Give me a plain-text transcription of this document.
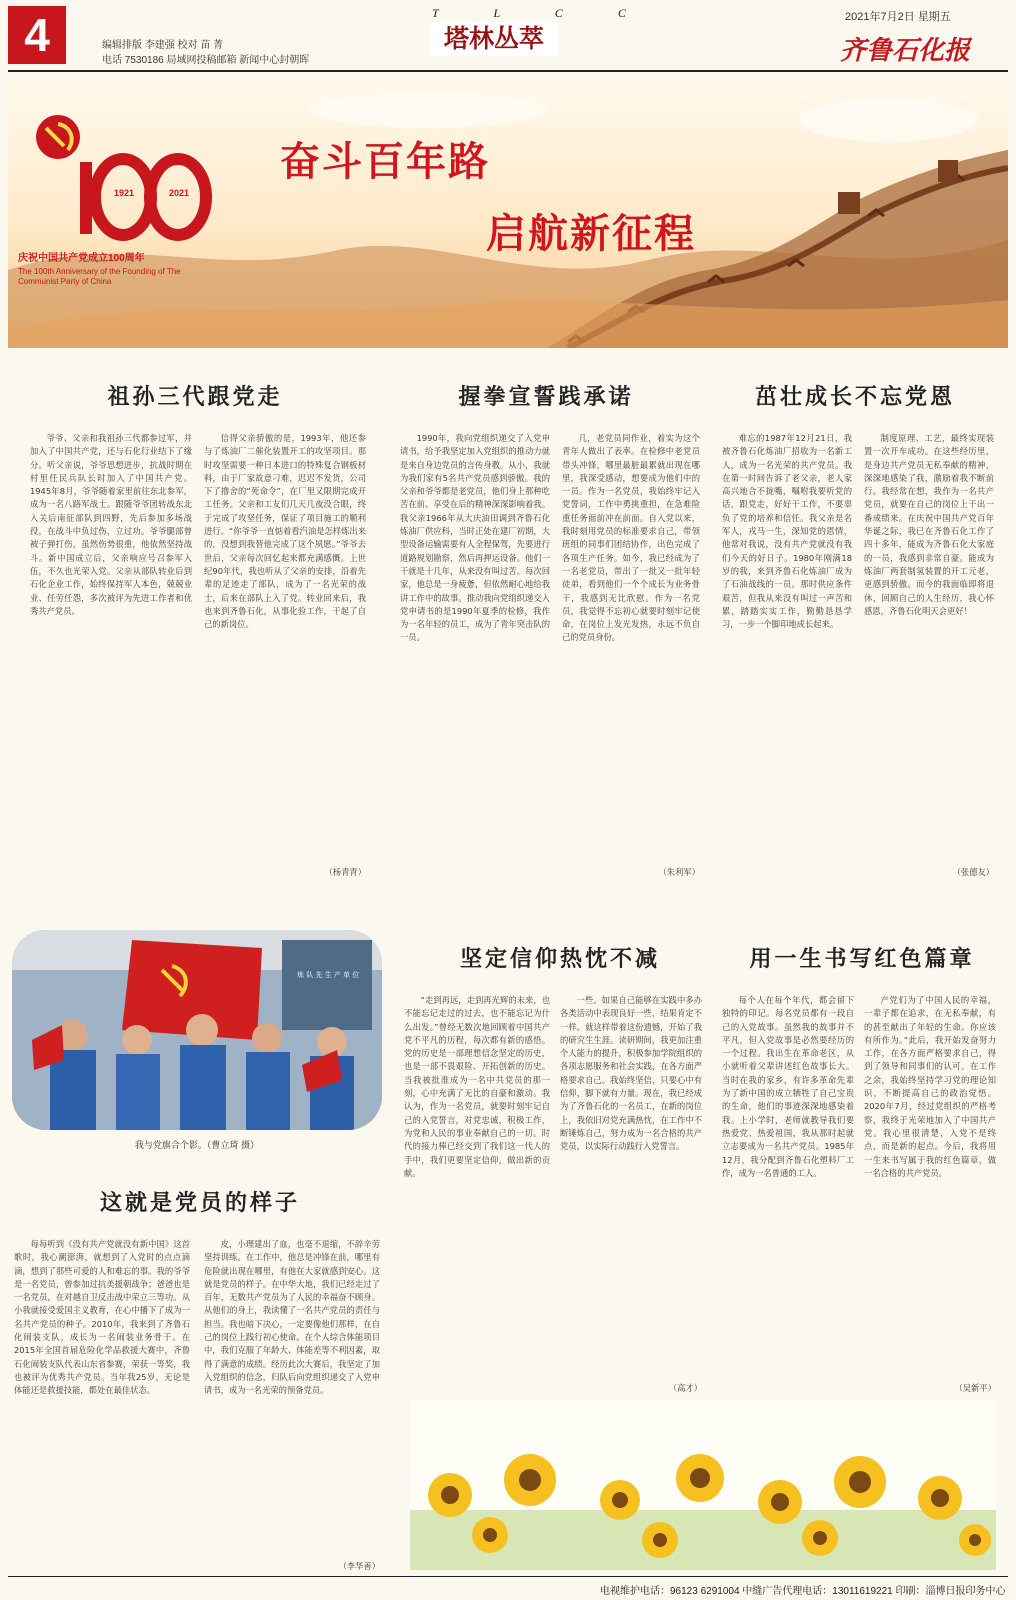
4	编辑排版 李建强 校对 苗 菁
电话 7530186 局域网投稿邮箱 新闻中心封朝晖
T L C C
塔林丛萃
2021年7月2日 星期五
齐鲁石化报
1921	2021
庆祝中国共产党成立100周年
The 100th Anniversary of the Founding of The Communist Party of China
奋斗百年路
启航新征程
祖孙三代跟党走

爷爷、父亲和我祖孙三代都参过军，并加入了中国共产党，还与石化行业结下了缘分。听父亲说，爷爷思想进步，抗战时期在村里任民兵队长时加入了中国共产党。1945年8月，爷爷随着家里前往东北参军，成为一名八路军战士。跟随爷爷团转战东北入关后南征部队到四野，先后参加多场战役，在战斗中负过伤，立过功。爷爷腿部曾被子弹打伤，虽然伤势很重，他依然坚持战斗。新中国成立后，父亲响应号召参军入伍，不久也光荣入党。父亲从部队转业后到石化企业工作，始终保持军人本色，兢兢业业、任劳任怨，多次被评为先进工作者和优秀共产党员。

信得父亲骄傲的是，1993年，他还参与了炼油厂二催化装置开工的攻坚项目。那时攻坚需要一种日本进口的特殊复合钢板材料，由于厂家故意刁难，迟迟不发货，公司下了撸舍的“死命令”，在厂里又限期完成开工任务。父亲和工友们几天几夜没合眼，终于完成了攻坚任务，保证了项目施工的顺利进行。“你爷爷一直惦着看汽油是怎样炼出来的，没想到我替他完成了这个夙愿。”爷爷去世后，父亲每次回忆起来都充满感慨。上世纪90年代，我也听从了父亲的安排，沿着先辈的足迹走了部队，成为了一名光荣的战士，后来在部队上入了党。转业回来后，我也来到齐鲁石化，从事化验工作，干起了自己的新岗位。

（杨青青）
握拳宣誓践承诺

1990年，我向党组织递交了入党申请书，给予我坚定加入党组织的推动力就是来自身边党员的言传身教。从小，我就为我们家有5名共产党员感到骄傲。我的父亲和爷爷都是老党员，他们身上那种吃苦在前、享受在后的精神深深影响着我。我父亲1966年从大庆油田调到齐鲁石化炼油厂供应科，当时正处在建厂初期，大型设备运输需要有人全程保驾，先要进行道路规划勘察，然后再押运设备。他们一干就是十几年，从来没有叫过苦。每次回家，他总是一身疲惫，但依然耐心地给我讲工作中的故事。推动我向党组织递交入党申请书的是1990年夏季的检修，我作为一名年轻的员工，成为了青年突击队的一员。

几，老党员同作业，着实为这个青年人做出了表率。在检修中老党员带头冲锋，哪里最脏最累就出现在哪里，我深受感动，想要成为他们中的一员。作为一名党员，我始终牢记入党誓词，工作中勇挑重担，在急难险重任务面前冲在前面。自入党以来，我时刻用党员的标准要求自己，带领班组的同事们团结协作，出色完成了各项生产任务。如今，我已经成为了一名老党员，带出了一批又一批年轻徒弟，看到他们一个个成长为业务骨干，我感到无比欣慰。作为一名党员，我觉得不忘初心就要时刻牢记使命，在岗位上发光发热，永远不负自己的党员身份。

（朱利军）
茁壮成长不忘党恩

难忘的1987年12月21日，我被齐鲁石化炼油厂招收为一名新工人，成为一名光荣的共产党员。我在第一时间告诉了老父亲，老人家高兴地合不拢嘴，嘱咐我要听党的话，跟党走，好好干工作，不要辜负了党的培养和信任。我父亲是名军人，戎马一生，深知党的恩情，他常对我说，没有共产党就没有我们今天的好日子。1980年刚满18岁的我，来到齐鲁石化炼油厂成为了石油战线的一员。那时供应条件艰苦，但我从来没有叫过一声苦和累，踏踏实实工作，勤勤恳恳学习，一步一个脚印地成长起来。

制度原理、工艺，最终实现装置一次开车成功。在这些经历里，是身边共产党员无私奉献的精神，深深地感染了我，激励着我不断前行。我经常在想，我作为一名共产党员，就要在自己的岗位上干出一番成绩来。在庆祝中国共产党百年华诞之际，我已在齐鲁石化工作了四十多年，能成为齐鲁石化大家庭的一员，我感到非常自豪。能成为炼油厂两套制氢装置的开工元老，更感到骄傲。而今的我面临即将退休，回顾自己的人生经历，我心怀感恩，齐鲁石化明天会更好！

（张德友）
炼 队 先 生 产 单 位
我与党旗合个影。（曹立琦 摄）
这就是党员的样子

每每听到《没有共产党就没有新中国》这首歌时，我心潮澎湃，就想到了入党时的点点滴滴，想到了那些可爱的人和难忘的事。我的爷爷是一名党员，曾参加过抗美援朝战争；爸爸也是一名党员，在对越自卫反击战中荣立三等功。从小我就接受爱国主义教育，在心中播下了成为一名共产党员的种子。2010年，我来到了齐鲁石化闹装支队，成长为一名闹装业务骨干。在2015年全国首届危险化学品救援大赛中，齐鲁石化闹装支队代表山东省参赛，荣获一等奖，我也被评为优秀共产党员。当年我25岁，无论是体能还是救援技能，都处在最佳状态。

皮，小理建出了血，也毫不退缩，不辞辛劳坚持训练。在工作中，他总是冲锋在前，哪里有危险就出现在哪里，有他在大家就感到安心。这就是党员的样子。在中华大地，我们已经走过了百年，无数共产党员为了人民的幸福奋不顾身。从他们的身上，我读懂了一名共产党员的责任与担当。我也暗下决心，一定要像他们那样，在自己的岗位上践行初心使命。在个人综合体能项目中，我们克服了年龄大、体能差等不利因素，取得了满意的成绩。经历此次大赛后，我坚定了加入党组织的信念，归队后向党组织递交了入党申请书，成为一名光荣的预备党员。

（李华善）
坚定信仰热忱不减

“走到再远，走到再光辉的未来，也不能忘记走过的过去，也不能忘记为什么出发。”曾经无数次地回顾着中国共产党不平凡的历程，每次都有新的感悟。党的历史是一部理想信念坚定的历史，也是一部不畏艰险、开拓创新的历史。当我被批准成为一名中共党员的那一刻，心中充满了无比的自豪和激动。我认为，作为一名党员，就要时刻牢记自己的入党誓言，对党忠诚，积极工作，为党和人民的事业奉献自己的一切。时代的接力棒已经交到了我们这一代人的手中，我们更要坚定信仰，做出新的贡献。

一些。如果自己能够在实践中多办各类活动中表现良好一些，结果肯定不一样。就这样带着这份遗憾，开始了我的研究生生涯。读研期间，我更加注重个人能力的提升，积极参加学院组织的各项志愿服务和社会实践，在各方面严格要求自己。我始终坚信，只要心中有信仰，脚下就有力量。现在，我已经成为了齐鲁石化的一名员工，在新的岗位上，我依旧对党充满热忱，在工作中不断锤炼自己，努力成为一名合格的共产党员，以实际行动践行入党誓言。

（高才）
用一生书写红色篇章

每个人在每个年代，都会留下独特的印记。每名党员都有一段自己的入党故事。虽然我的故事并不平凡，但入党故事是必然要经历的一个过程。我出生在革命老区，从小就听着父辈讲述红色故事长大。当时在我的家乡，有许多革命先辈为了新中国的成立牺牲了自己宝贵的生命，他们的事迹深深地感染着我。上小学时，老师就教导我们要热爱党、热爱祖国，我从那时起就立志要成为一名共产党员。1985年12月，我分配到齐鲁石化塑料厂工作，成为一名普通的工人。

产党们为了中国人民的幸福，一辈子都在追求，在无私奉献，有的甚至献出了年轻的生命。你应该有所作为。”此后，我开始发奋努力工作，在各方面严格要求自己，得到了领导和同事们的认可。在工作之余，我始终坚持学习党的理论知识，不断提高自己的政治觉悟。2020年7月，经过党组织的严格考察，我终于光荣地加入了中国共产党。我心里很清楚，入党不是终点，而是新的起点。今后，我将用一生来书写属于我的红色篇章，做一名合格的共产党员。

（吴新平）
电视维护电话：96123 6291004 中缝广告代理电话：13011619221 印刷：淄博日报印务中心
